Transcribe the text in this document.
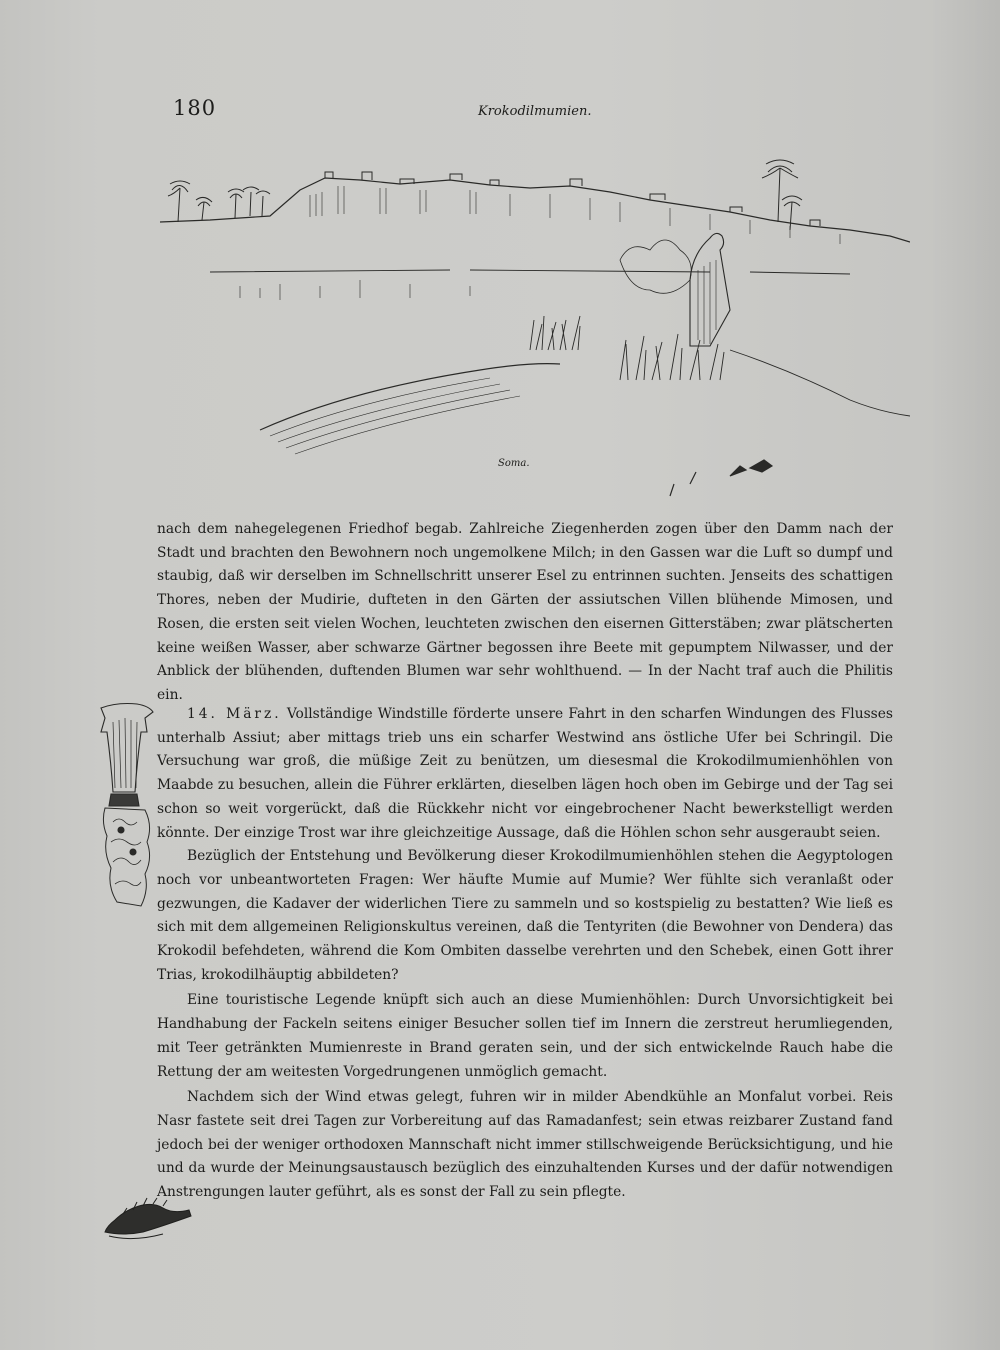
180	Krokodilmumien.
Soma.

nach dem nahegelegenen Friedhof begab. Zahlreiche Ziegenherden zogen über den Damm nach der Stadt und brachten den Bewohnern noch ungemolkene Milch; in den Gassen war die Luft so dumpf und staubig, daß wir derselben im Schnellschritt unserer Esel zu entrinnen suchten. Jenseits des schattigen Thores, neben der Mudirie, dufteten in den Gärten der assiutschen Villen blühende Mimosen, und Rosen, die ersten seit vielen Wochen, leuchteten zwischen den eisernen Gitterstäben; zwar plätscherten keine weißen Wasser, aber schwarze Gärtner begossen ihre Beete mit gepumptem Nilwasser, und der Anblick der blühenden, duftenden Blumen war sehr wohlthuend. — In der Nacht traf auch die Philitis ein.

14. März. Vollständige Windstille förderte unsere Fahrt in den scharfen Windungen des Flusses unterhalb Assiut; aber mittags trieb uns ein scharfer Westwind ans östliche Ufer bei Schringil. Die Versuchung war groß, die müßige Zeit zu benützen, um diesesmal die Krokodilmumienhöhlen von Maabde zu besuchen, allein die Führer erklärten, dieselben lägen hoch oben im Gebirge und der Tag sei schon so weit vorgerückt, daß die Rückkehr nicht vor eingebrochener Nacht bewerkstelligt werden könnte. Der einzige Trost war ihre gleichzeitige Aussage, daß die Höhlen schon sehr ausgeraubt seien.

Bezüglich der Entstehung und Bevölkerung dieser Krokodilmumienhöhlen stehen die Aegyptologen noch vor unbeantworteten Fragen: Wer häufte Mumie auf Mumie? Wer fühlte sich veranlaßt oder gezwungen, die Kadaver der widerlichen Tiere zu sammeln und so kostspielig zu bestatten? Wie ließ es sich mit dem allgemeinen Religionskultus vereinen, daß die Tentyriten (die Bewohner von Dendera) das Krokodil befehdeten, während die Kom Ombiten dasselbe verehrten und den Schebek, einen Gott ihrer Trias, krokodilhäuptig abbildeten?

Eine touristische Legende knüpft sich auch an diese Mumienhöhlen: Durch Unvorsichtigkeit bei Handhabung der Fackeln seitens einiger Besucher sollen tief im Innern die zerstreut herumliegenden, mit Teer getränkten Mumienreste in Brand geraten sein, und der sich entwickelnde Rauch habe die Rettung der am weitesten Vorgedrungenen unmöglich gemacht.

Nachdem sich der Wind etwas gelegt, fuhren wir in milder Abendkühle an Monfalut vorbei. Reis Nasr fastete seit drei Tagen zur Vorbereitung auf das Ramadanfest; sein etwas reizbarer Zustand fand jedoch bei der weniger orthodoxen Mannschaft nicht immer stillschweigende Berücksichtigung, und hie und da wurde der Meinungsaustausch bezüglich des einzuhaltenden Kurses und der dafür notwendigen Anstrengungen lauter geführt, als es sonst der Fall zu sein pflegte.
